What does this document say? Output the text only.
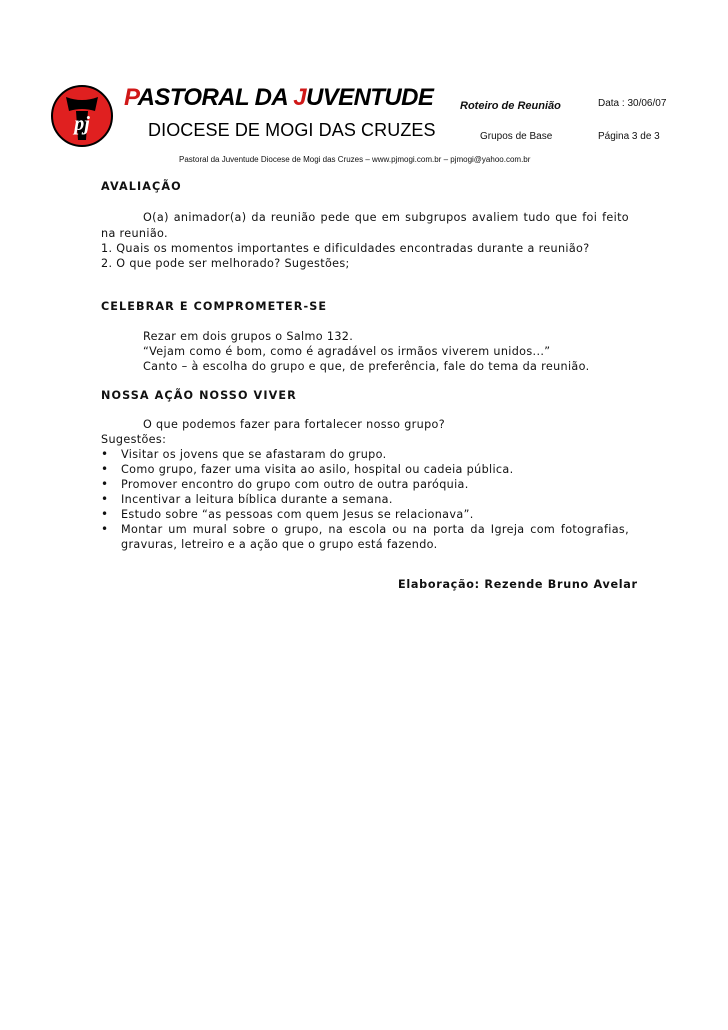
pj
PASTORAL DA JUVENTUDE
DIOCESE DE MOGI DAS CRUZES
Roteiro de Reunião	Data : 30/06/07
Grupos de Base	Página 3 de 3
Pastoral da Juventude Diocese de Mogi das Cruzes – www.pjmogi.com.br – pjmogi@yahoo.com.br
AVALIAÇÃO
O(a) animador(a) da reunião pede que em subgrupos avaliem tudo que foi feito
na reunião.
1. Quais os momentos importantes e dificuldades encontradas durante a reunião?
2. O que pode ser melhorado? Sugestões;
CELEBRAR E COMPROMETER-SE
Rezar em dois grupos o Salmo 132.
“Vejam como é bom, como é agradável os irmãos viverem unidos...”
Canto – à escolha do grupo e que, de preferência, fale do tema da reunião.
NOSSA AÇÃO NOSSO VIVER
O que podemos fazer para fortalecer nosso grupo?
Sugestões:
• Visitar os jovens que se afastaram do grupo.
• Como grupo, fazer uma visita ao asilo, hospital ou cadeia pública.
• Promover encontro do grupo com outro de outra paróquia.
• Incentivar a leitura bíblica durante a semana.
• Estudo sobre “as pessoas com quem Jesus se relacionava”.
• Montar um mural sobre o grupo, na escola ou na porta da Igreja com fotografias,
gravuras, letreiro e a ação que o grupo está fazendo.
Elaboração: Rezende Bruno Avelar
